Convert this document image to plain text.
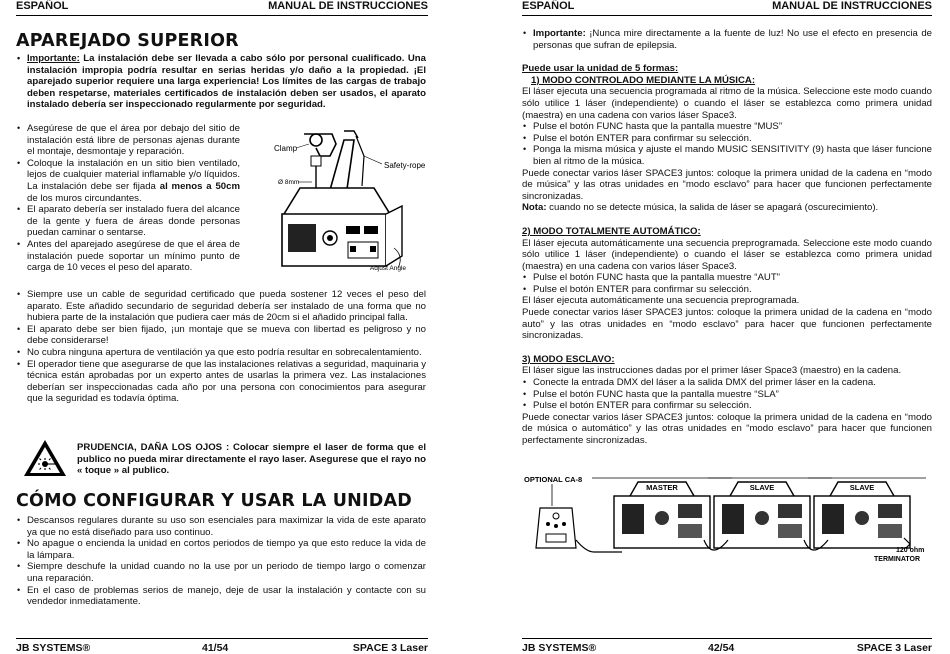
ESPAÑOL	MANUAL DE INSTRUCCIONES
APAREJADO SUPERIOR
• Importante: La instalación debe ser llevada a cabo sólo por personal cualificado. Una instalación impropia podría resultar en serias heridas y/o daño a la propiedad. ¡El aparejado superior requiere una larga experiencia! Los límites de las cargas de trabajo deben respetarse, materiales certificados de instalación deben ser usados, el aparato instalado debería ser inspeccionado regularmente por seguridad.
• Asegúrese de que el área por debajo del sitio de instalación está libre de personas ajenas durante el montaje, desmontaje y reparación.
• Coloque la instalación en un sitio bien ventilado, lejos de cualquier material inflamable y/o líquidos. La instalación debe ser fijada al menos a 50cm de los muros circundantes.
• El aparato debería ser instalado fuera del alcance de la gente y fuera de áreas donde personas puedan caminar o sentarse.
• Antes del aparejado asegúrese de que el área de instalación puede soportar un mínimo punto de carga de 10 veces el peso del aparato.
Clamp
Safety-rope
Ø 8mm
Adjust Angle
• Siempre use un cable de seguridad certificado que pueda sostener 12 veces el peso del aparato. Este añadido secundario de seguridad debería ser instalado de una forma que no hubiera parte de la instalación que pudiera caer más de 20cm si el añadido principal falla.
• El aparato debe ser bien fijado, ¡un montaje que se mueva con libertad es peligroso y no debe considerarse!
• No cubra ninguna apertura de ventilación ya que esto podría resultar en sobrecalentamiento.
• El operador tiene que asegurarse de que las instalaciones relativas a seguridad, maquinaria y técnica están aprobadas por un experto antes de usarlas la primera vez. Las instalaciones deberían ser inspeccionadas cada año por una persona con conocimientos para asegurar que la seguridad es todavía óptima.
PRUDENCIA, DAÑA LOS OJOS : Colocar siempre el laser de forma que el publico no pueda mirar directamente el rayo laser. Asegurese que el rayo no « toque » al publico.
CÓMO CONFIGURAR Y USAR LA UNIDAD
• Descansos regulares durante su uso son esenciales para maximizar la vida de este aparato ya que no está diseñado para uso continuo.
• No apague o encienda la unidad en cortos periodos de tiempo ya que esto reduce la vida de la lámpara.
• Siempre deschufe la unidad cuando no la use por un periodo de tiempo largo o comenzar una reparación.
• En el caso de problemas serios de manejo, deje de usar la instalación y contacte con su vendedor inmediatamente.
JB SYSTEMS®	41/54	SPACE 3 Laser
ESPAÑOL	MANUAL DE INSTRUCCIONES
• Importante: ¡Nunca mire directamente a la fuente de luz! No use el efecto en presencia de personas que sufran de epilepsia.
Puede usar la unidad de 5 formas:
1) MODO CONTROLADO MEDIANTE LA MÚSICA:
El láser ejecuta una secuencia programada al ritmo de la música. Seleccione este modo cuando sólo utilice 1 láser (independiente) o cuando el láser se establezca como primera unidad (maestra) en una cadena con varios láser Space3.
• Pulse el botón FUNC hasta que la pantalla muestre “MUS”
• Pulse el botón ENTER para confirmar su selección.
• Ponga la misma música y ajuste el mando MUSIC SENSITIVITY (9) hasta que láser funcione bien al ritmo de la música.
Puede conectar varios láser SPACE3 juntos: coloque la primera unidad de la cadena en “modo de música” y las otras unidades en “modo esclavo” para hacer que funcionen perfectamente sincronizadas.
Nota: cuando no se detecte música, la salida de láser se apagará (oscurecimiento).
2) MODO TOTALMENTE AUTOMÁTICO:
El láser ejecuta automáticamente una secuencia preprogramada. Seleccione este modo cuando sólo utilice 1 láser (independiente) o cuando el láser se establezca como primera unidad (maestra) en una cadena con varios láser Space3.
• Pulse el botón FUNC hasta que la pantalla muestre “AUT”
• Pulse el botón ENTER para confirmar su selección.
El láser ejecuta automáticamente una secuencia preprogramada.
Puede conectar varios láser SPACE3 juntos: coloque la primera unidad de la cadena en “modo auto” y las otras unidades en “modo esclavo” para hacer que funcionen perfectamente sincronizadas.
3) MODO ESCLAVO:
El láser sigue las instrucciones dadas por el primer láser Space3 (maestro) en la cadena.
• Conecte la entrada DMX del láser a la salida DMX del primer láser en la cadena.
• Pulse el botón FUNC hasta que la pantalla muestre “SLA”
• Pulse el botón ENTER para confirmar su selección.
Puede conectar varios láser SPACE3 juntos: coloque la primera unidad de la cadena en “modo de música o automático” y las otras unidades en “modo esclavo” para hacer que funcionen perfectamente sincronizadas.
OPTIONAL CA-8
MASTER	SLAVE	SLAVE
120 ohm
TERMINATOR
JB SYSTEMS®	42/54	SPACE 3 Laser
